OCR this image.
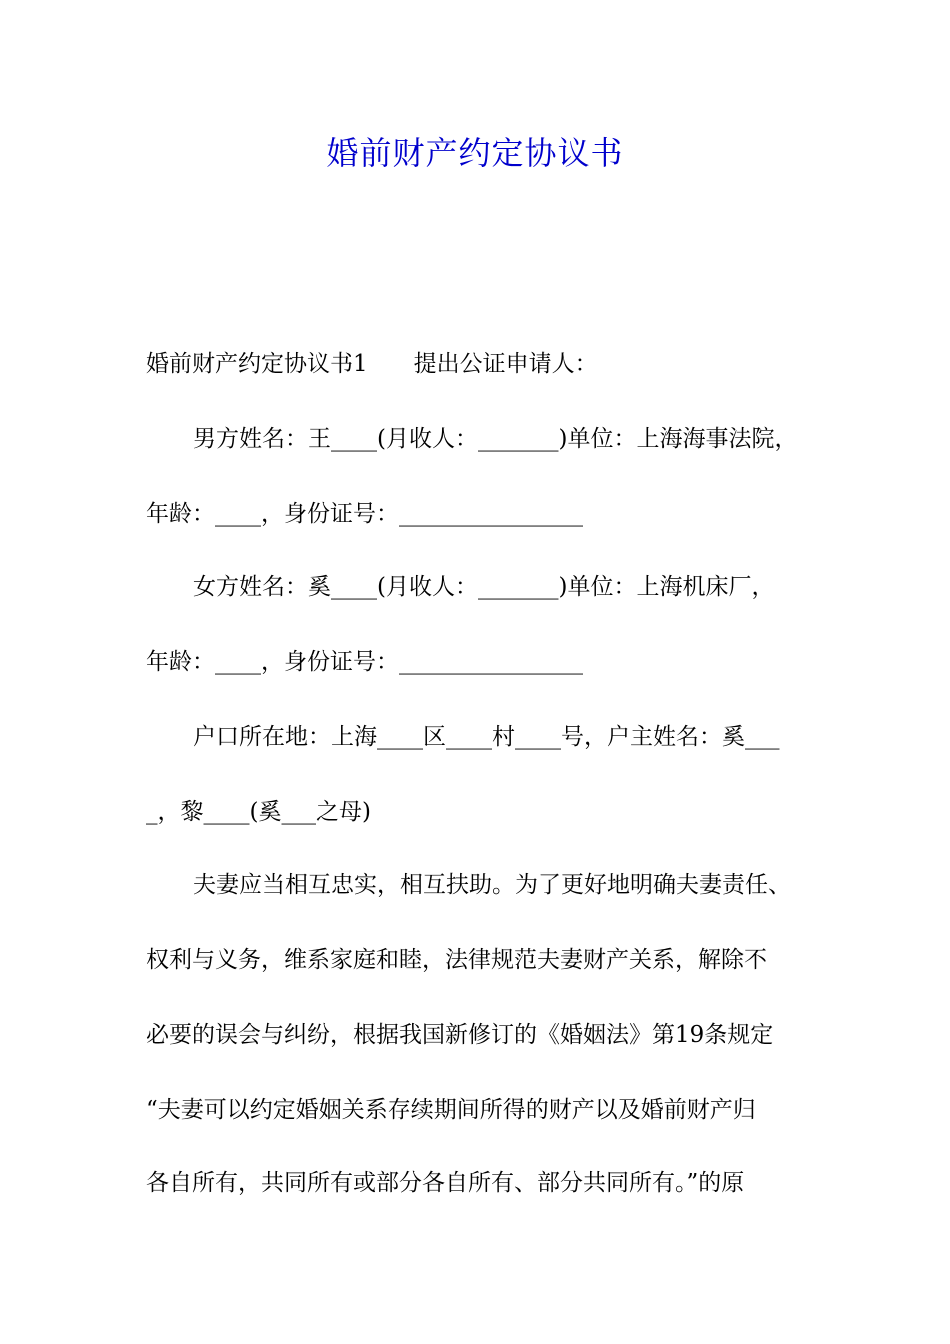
婚前财产约定协议书
婚前财产约定协议书1 提出公证申请人：
男方姓名：王____(月收人：_______)单位：上海海事法院，
年龄：____，身份证号：________________
女方姓名：奚____(月收人：_______)单位：上海机床厂，
年龄：____，身份证号：________________
户口所在地：上海____区____村____号，户主姓名：奚___
_，黎____(奚___之母)
夫妻应当相互忠实，相互扶助。为了更好地明确夫妻责任、
权利与义务，维系家庭和睦，法律规范夫妻财产关系，解除不
必要的误会与纠纷，根据我国新修订的《婚姻法》第19条规定
“夫妻可以约定婚姻关系存续期间所得的财产以及婚前财产归
各自所有，共同所有或部分各自所有、部分共同所有。”的原
